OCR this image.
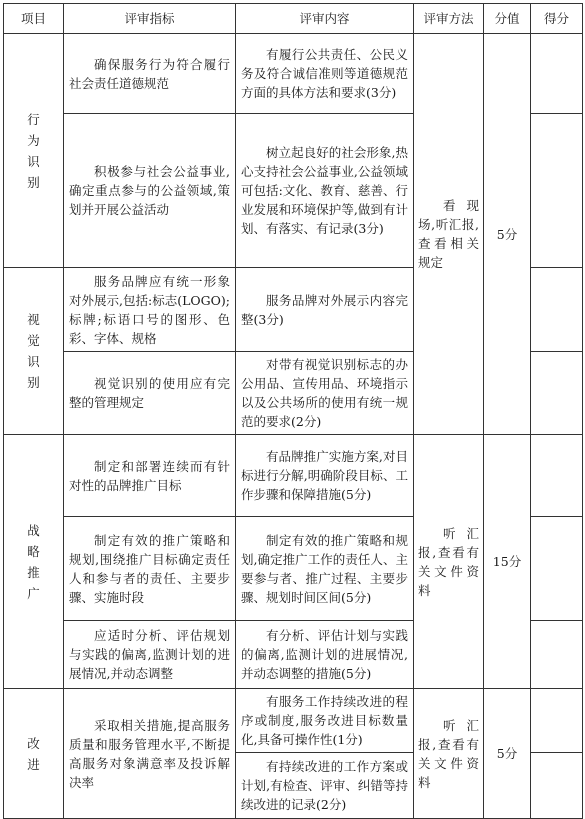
项目	评审指标	评审内容	评审方法	分值	得分
行为识别	确保服务行为符合履行社会责任道德规范	有履行公共责任、公民义务及符合诚信准则等道德规范方面的具体方法和要求(3分)	看现场,听汇报,查看相关规定	5分	
	积极参与社会公益事业,确定重点参与的公益领域,策划并开展公益活动	树立起良好的社会形象,热心支持社会公益事业,公益领域可包括:文化、教育、慈善、行业发展和环境保护等,做到有计划、有落实、有记录(3分)			
视觉识别	服务品牌应有统一形象对外展示,包括:标志(LOGO);标牌;标语口号的图形、色彩、字体、规格	服务品牌对外展示内容完整(3分)			
	视觉识别的使用应有完整的管理规定	对带有视觉识别标志的办公用品、宣传用品、环境指示以及公共场所的使用有统一规范的要求(2分)			
战略推广	制定和部署连续而有针对性的品牌推广目标	有品牌推广实施方案,对目标进行分解,明确阶段目标、工作步骤和保障措施(5分)	听汇报,查看有关文件资料	15分	
	制定有效的推广策略和规划,围绕推广目标确定责任人和参与者的责任、主要步骤、实施时段	制定有效的推广策略和规划,确定推广工作的责任人、主要参与者、推广过程、主要步骤、规划时间区间(5分)			
	应适时分析、评估规划与实践的偏离,监测计划的进展情况,并动态调整	有分析、评估计划与实践的偏离,监测计划的进展情况,并动态调整的措施(5分)			
改进	采取相关措施,提高服务质量和服务管理水平,不断提高服务对象满意率及投诉解决率	有服务工作持续改进的程序或制度,服务改进目标数量化,具备可操作性(1分)	听汇报,查看有关文件资料	5分	
		有持续改进的工作方案或计划,有检查、评审、纠错等持续改进的记录(2分)			
